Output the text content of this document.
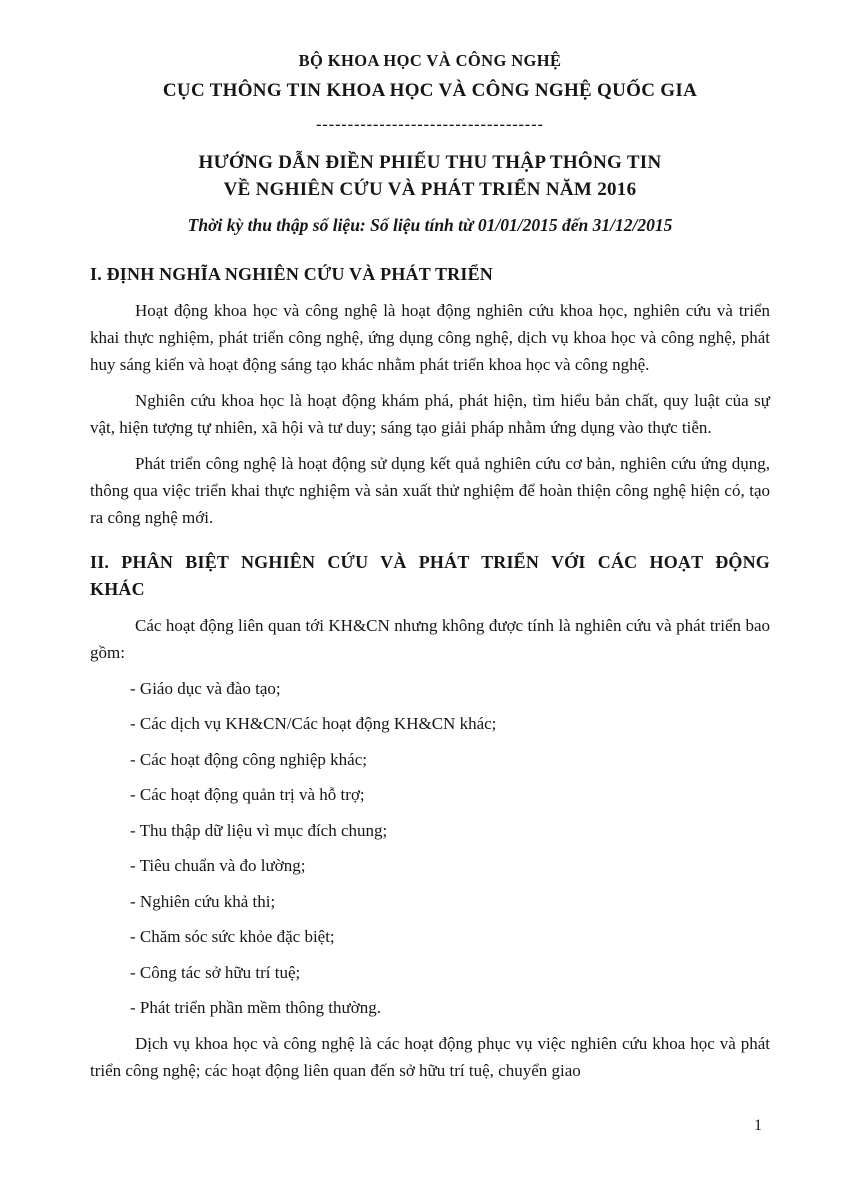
BỘ KHOA HỌC VÀ CÔNG NGHỆ
CỤC THÔNG TIN KHOA HỌC VÀ CÔNG NGHỆ QUỐC GIA
------------------------------------
HƯỚNG DẪN ĐIỀN PHIẾU THU THẬP THÔNG TIN
VỀ NGHIÊN CỨU VÀ PHÁT TRIỂN NĂM 2016
Thời kỳ thu thập số liệu: Số liệu tính từ 01/01/2015 đến 31/12/2015
I. ĐỊNH NGHĨA NGHIÊN CỨU VÀ PHÁT TRIỂN

Hoạt động khoa học và công nghệ là hoạt động nghiên cứu khoa học, nghiên cứu và triển khai thực nghiệm, phát triển công nghệ, ứng dụng công nghệ, dịch vụ khoa học và công nghệ, phát huy sáng kiến và hoạt động sáng tạo khác nhằm phát triển khoa học và công nghệ.

Nghiên cứu khoa học là hoạt động khám phá, phát hiện, tìm hiểu bản chất, quy luật của sự vật, hiện tượng tự nhiên, xã hội và tư duy; sáng tạo giải pháp nhằm ứng dụng vào thực tiễn.

Phát triển công nghệ là hoạt động sử dụng kết quả nghiên cứu cơ bản, nghiên cứu ứng dụng, thông qua việc triển khai thực nghiệm và sản xuất thử nghiệm để hoàn thiện công nghệ hiện có, tạo ra công nghệ mới.

II. PHÂN BIỆT NGHIÊN CỨU VÀ PHÁT TRIỂN VỚI CÁC HOẠT ĐỘNG KHÁC

Các hoạt động liên quan tới KH&CN nhưng không được tính là nghiên cứu và phát triển bao gồm:

- Giáo dục và đào tạo;

- Các dịch vụ KH&CN/Các hoạt động KH&CN khác;

- Các hoạt động công nghiệp khác;

- Các hoạt động quản trị và hỗ trợ;

- Thu thập dữ liệu vì mục đích chung;

- Tiêu chuẩn và đo lường;

- Nghiên cứu khả thi;

- Chăm sóc sức khỏe đặc biệt;

- Công tác sở hữu trí tuệ;

- Phát triển phần mềm thông thường.

Dịch vụ khoa học và công nghệ là các hoạt động phục vụ việc nghiên cứu khoa học và phát triển công nghệ; các hoạt động liên quan đến sở hữu trí tuệ, chuyển giao

1
